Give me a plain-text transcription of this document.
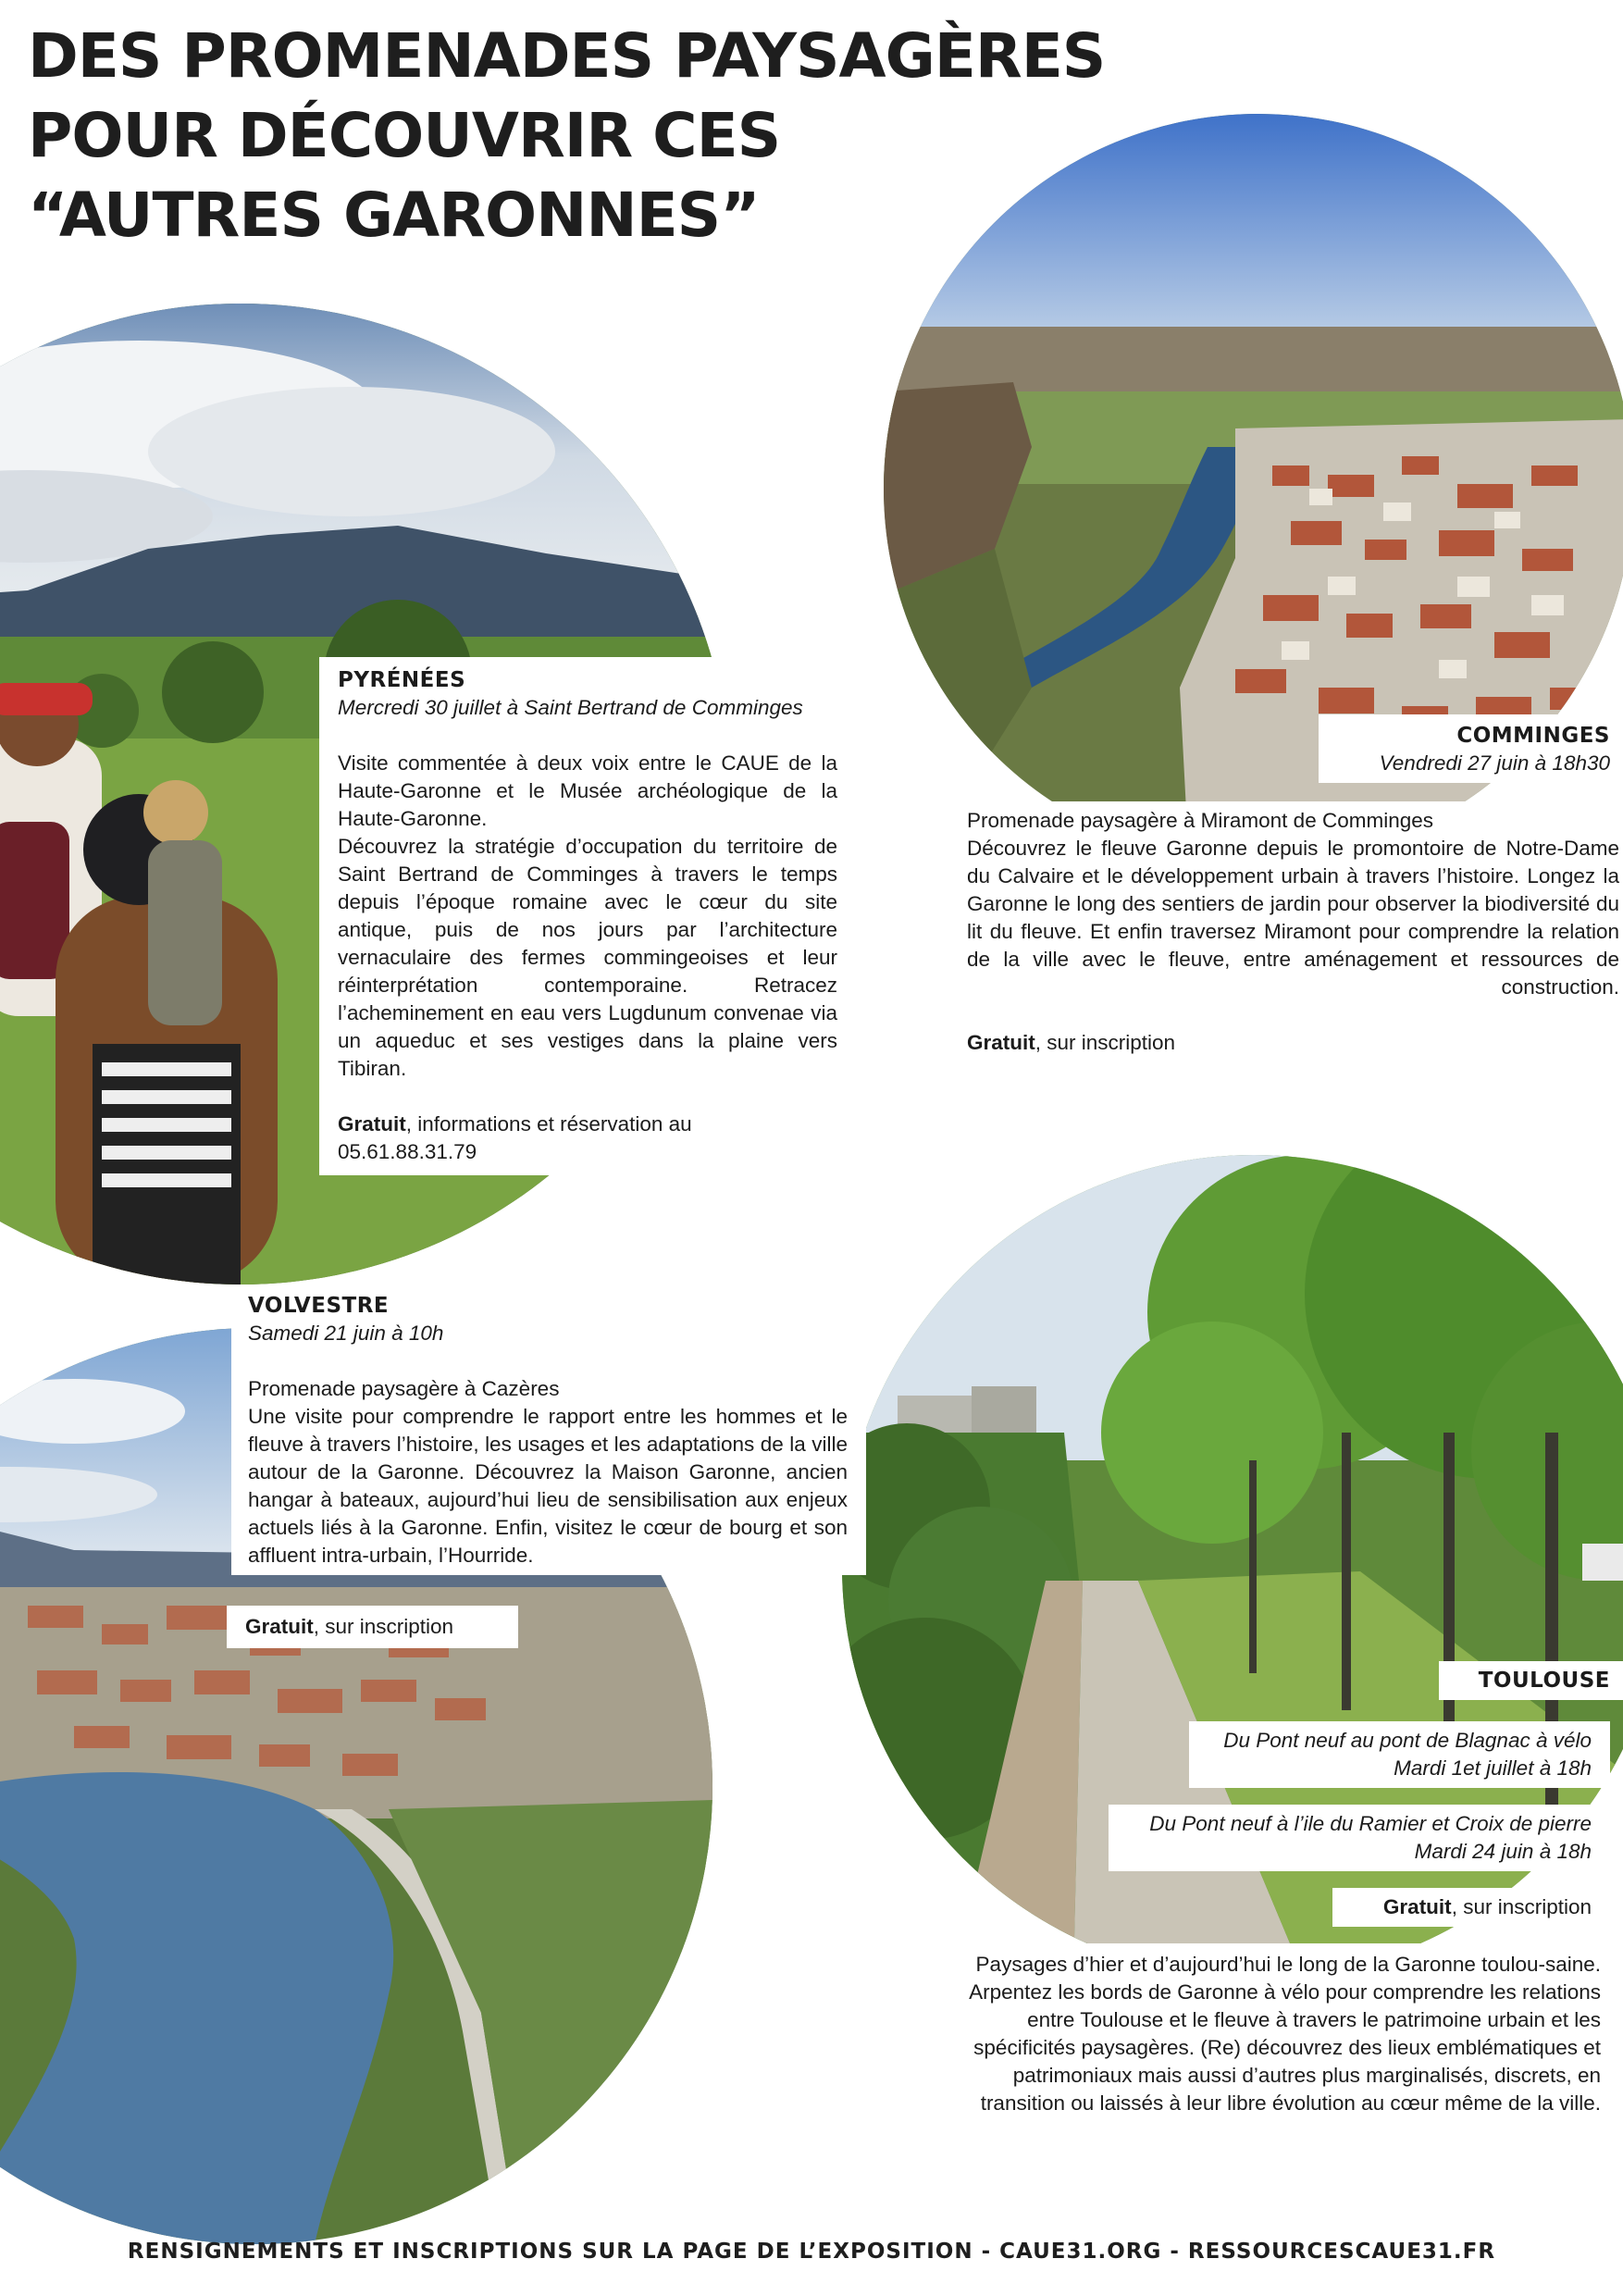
DES PROMENADES PAYSAGÈRES
POUR DÉCOUVRIR CES
“AUTRES GARONNES”

PYRÉNÉES

Mercredi 30 juillet à Saint Bertrand de Comminges

Visite commentée à deux voix entre le CAUE de la Haute-Garonne et le Musée archéologique de la Haute-Garonne.

Découvrez la stratégie d’occupation du territoire de Saint Bertrand de Comminges à travers le temps depuis l’époque romaine avec le cœur du site antique, puis de nos jours par l’architecture vernaculaire des fermes commingeoises et leur réinterprétation contemporaine. Retracez l’acheminement en eau vers Lugdunum convenae via un aqueduc et ses vestiges dans la plaine vers Tibiran.

Gratuit, informations et réservation au

05.61.88.31.79

COMMINGES

Vendredi 27 juin à 18h30

Promenade paysagère à Miramont de Comminges

Découvrez le fleuve Garonne depuis le promontoire de Notre-Dame du Calvaire et le développement urbain à travers l’histoire. Longez la Garonne le long des sentiers de jardin pour observer la biodiversité du lit du fleuve. Et enfin traversez Miramont pour comprendre la relation de la ville avec le fleuve, entre aménagement et ressources de construction.

Gratuit, sur inscription

VOLVESTRE

Samedi 21 juin à 10h

Promenade paysagère à Cazères

Une visite pour comprendre le rapport entre les hommes et le fleuve à travers l’histoire, les usages et les adaptations de la ville autour de la Garonne. Découvrez la Maison Garonne, ancien hangar à bateaux, aujourd’hui lieu de sensibilisation aux enjeux actuels liés à la Garonne. Enfin, visitez le cœur de bourg et son affluent intra-urbain, l’Hourride.

Gratuit, sur inscription

TOULOUSE

Du Pont neuf au pont de Blagnac à vélo

Mardi 1et juillet à 18h

Du Pont neuf à l’ile du Ramier et Croix de pierre

Mardi 24 juin à 18h

Gratuit, sur inscription

Paysages d’hier et d’aujourd’hui le long de la Garonne toulou-saine.

Arpentez les bords de Garonne à vélo pour comprendre les relations entre Toulouse et le fleuve à travers le patrimoine urbain et les spécificités paysagères. (Re) découvrez des lieux emblématiques et patrimoniaux mais aussi d’autres plus marginalisés, discrets, en transition ou laissés à leur libre évolution au cœur même de la ville.

RENSIGNEMENTS ET INSCRIPTIONS SUR LA PAGE DE L’EXPOSITION - CAUE31.ORG - RESSOURCESCAUE31.FR
